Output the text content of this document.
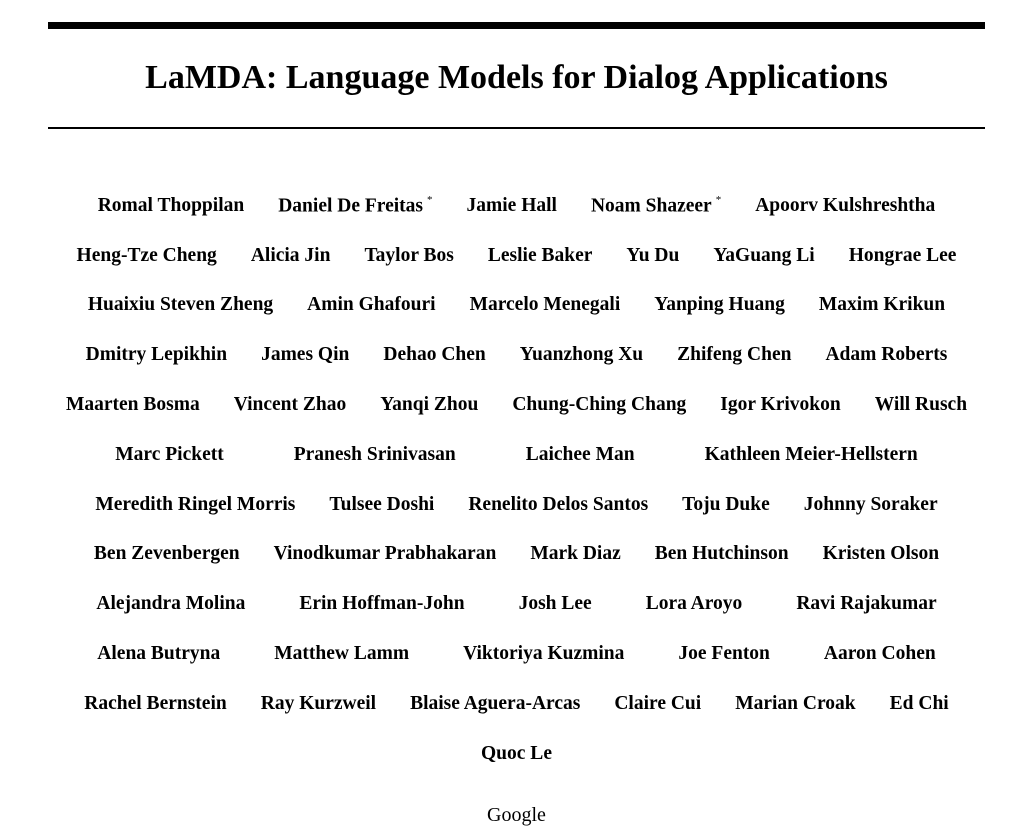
LaMDA: Language Models for Dialog Applications
Romal Thoppilan Daniel De Freitas * Jamie Hall Noam Shazeer * Apoorv Kulshreshtha
Heng-Tze Cheng Alicia Jin Taylor Bos Leslie Baker Yu Du YaGuang Li Hongrae Lee
Huaixiu Steven Zheng Amin Ghafouri Marcelo Menegali Yanping Huang Maxim Krikun
Dmitry Lepikhin James Qin Dehao Chen Yuanzhong Xu Zhifeng Chen Adam Roberts
Maarten Bosma Vincent Zhao Yanqi Zhou Chung-Ching Chang Igor Krivokon Will Rusch
Marc Pickett	Pranesh Srinivasan	Laichee Man	Kathleen Meier-Hellstern
Meredith Ringel Morris Tulsee Doshi Renelito Delos Santos Toju Duke Johnny Soraker
Ben Zevenbergen Vinodkumar Prabhakaran Mark Diaz Ben Hutchinson Kristen Olson
Alejandra Molina	Erin Hoffman-John	Josh Lee	Lora Aroyo	Ravi Rajakumar
Alena Butryna	Matthew Lamm	Viktoriya Kuzmina	Joe Fenton	Aaron Cohen
Rachel Bernstein Ray Kurzweil Blaise Aguera-Arcas Claire Cui Marian Croak Ed Chi
Quoc Le
Google
